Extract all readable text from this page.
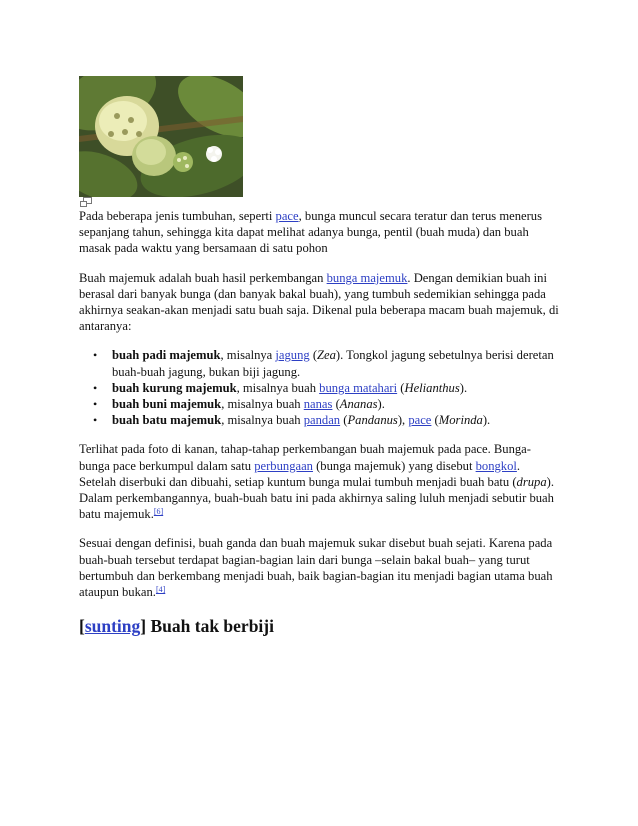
Pada beberapa jenis tumbuhan, seperti pace, bunga muncul secara teratur dan terus menerus sepanjang tahun, sehingga kita dapat melihat adanya bunga, pentil (buah muda) dan buah masak pada waktu yang bersamaan di satu pohon

Buah majemuk adalah buah hasil perkembangan bunga majemuk. Dengan demikian buah ini berasal dari banyak bunga (dan banyak bakal buah), yang tumbuh sedemikian sehingga pada akhirnya seakan-akan menjadi satu buah saja. Dikenal pula beberapa macam buah majemuk, di antaranya:

• buah padi majemuk, misalnya jagung (Zea). Tongkol jagung sebetulnya berisi deretan buah-buah jagung, bukan biji jagung.
• buah kurung majemuk, misalnya buah bunga matahari (Helianthus).
• buah buni majemuk, misalnya buah nanas (Ananas).
• buah batu majemuk, misalnya buah pandan (Pandanus), pace (Morinda).

Terlihat pada foto di kanan, tahap-tahap perkembangan buah majemuk pada pace. Bunga-bunga pace berkumpul dalam satu perbungaan (bunga majemuk) yang disebut bongkol. Setelah diserbuki dan dibuahi, setiap kuntum bunga mulai tumbuh menjadi buah batu (drupa). Dalam perkembangannya, buah-buah batu ini pada akhirnya saling luluh menjadi sebutir buah batu majemuk.[6]

Sesuai dengan definisi, buah ganda dan buah majemuk sukar disebut buah sejati. Karena pada buah-buah tersebut terdapat bagian-bagian lain dari bunga –selain bakal buah– yang turut bertumbuh dan berkembang menjadi buah, baik bagian-bagian itu menjadi bagian utama buah ataupun bukan.[4]

[sunting] Buah tak berbiji
